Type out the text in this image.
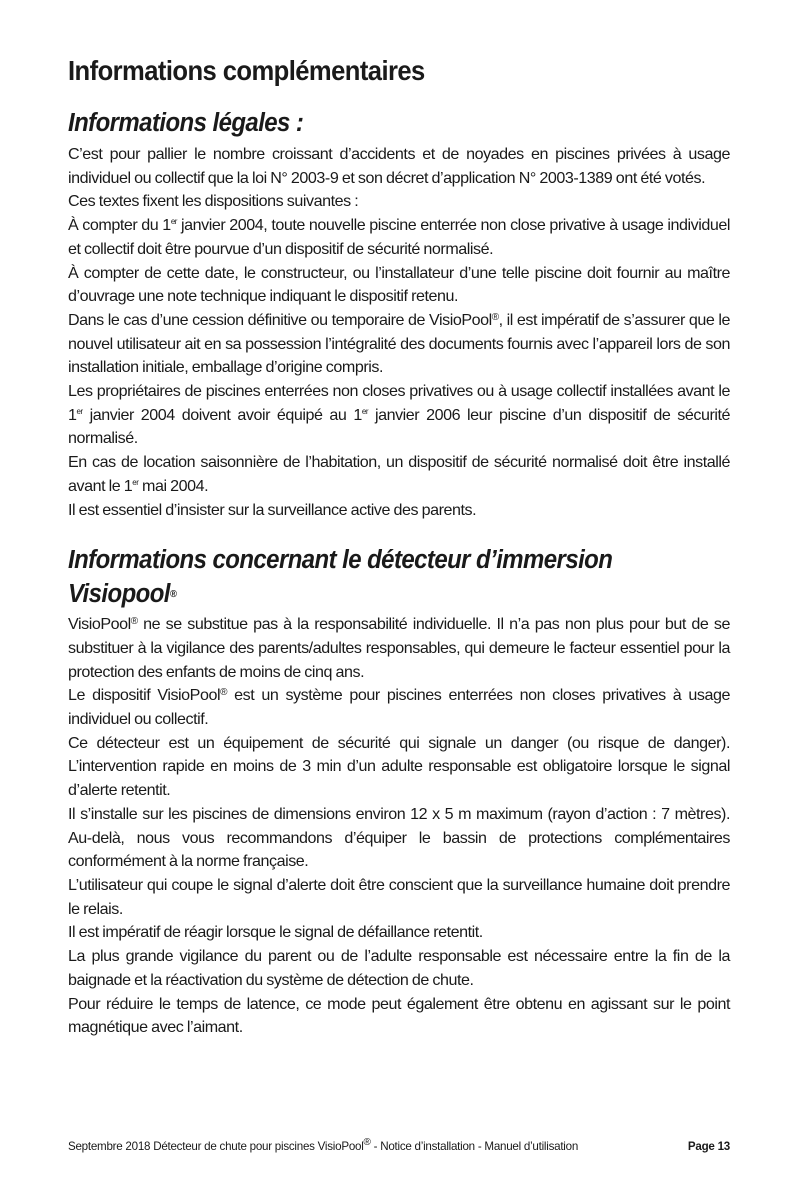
Informations complémentaires
Informations légales :

C’est pour pallier le nombre croissant d’accidents et de noyades en piscines privées à usage individuel ou collectif que la loi N° 2003-9 et son décret d’application N° 2003-1389 ont été votés.

Ces textes fixent les dispositions suivantes :

À compter du 1er janvier 2004, toute nouvelle piscine enterrée non close privative à usage individuel et collectif doit être pourvue d’un dispositif de sécurité normalisé.

À compter de cette date, le constructeur, ou l’installateur d’une telle piscine doit fournir au maître d’ouvrage une note technique indiquant le dispositif retenu.

Dans le cas d’une cession définitive ou temporaire de VisioPool®, il est impératif de s’assurer que le nouvel utilisateur ait en sa possession l’intégralité des documents fournis avec l’appareil lors de son installation initiale, emballage d’origine compris.

Les propriétaires de piscines enterrées non closes privatives ou à usage collectif installées avant le 1er janvier 2004 doivent avoir équipé au 1er janvier 2006 leur piscine d’un dispositif de sécurité normalisé.

En cas de location saisonnière de l’habitation, un dispositif de sécurité normalisé doit être installé avant le 1er mai 2004.

Il est essentiel d’insister sur la surveillance active des parents.

Informations concernant le détecteur d’immersion
Visiopool®

VisioPool® ne se substitue pas à la responsabilité individuelle. Il n’a pas non plus pour but de se substituer à la vigilance des parents/adultes responsables, qui demeure le facteur essentiel pour la protection des enfants de moins de cinq ans.

Le dispositif VisioPool® est un système pour piscines enterrées non closes privatives à usage individuel ou collectif.

Ce détecteur est un équipement de sécurité qui signale un danger (ou risque de danger). L’intervention rapide en moins de 3 min d’un adulte responsable est obligatoire lorsque le signal d’alerte retentit.

Il s’installe sur les piscines de dimensions environ 12 x 5 m maximum (rayon d’action : 7 mètres). Au-delà, nous vous recommandons d’équiper le bassin de protections complémentaires conformément à la norme française.

L’utilisateur qui coupe le signal d’alerte doit être conscient que la surveillance humaine doit prendre le relais.

Il est impératif de réagir lorsque le signal de défaillance retentit.

La plus grande vigilance du parent ou de l’adulte responsable est nécessaire entre la fin de la baignade et la réactivation du système de détection de chute.

Pour réduire le temps de latence, ce mode peut également être obtenu en agissant sur le point magnétique avec l’aimant.

Septembre 2018 Détecteur de chute pour piscines VisioPool® - Notice d’installation - Manuel d’utilisation	Page 13
